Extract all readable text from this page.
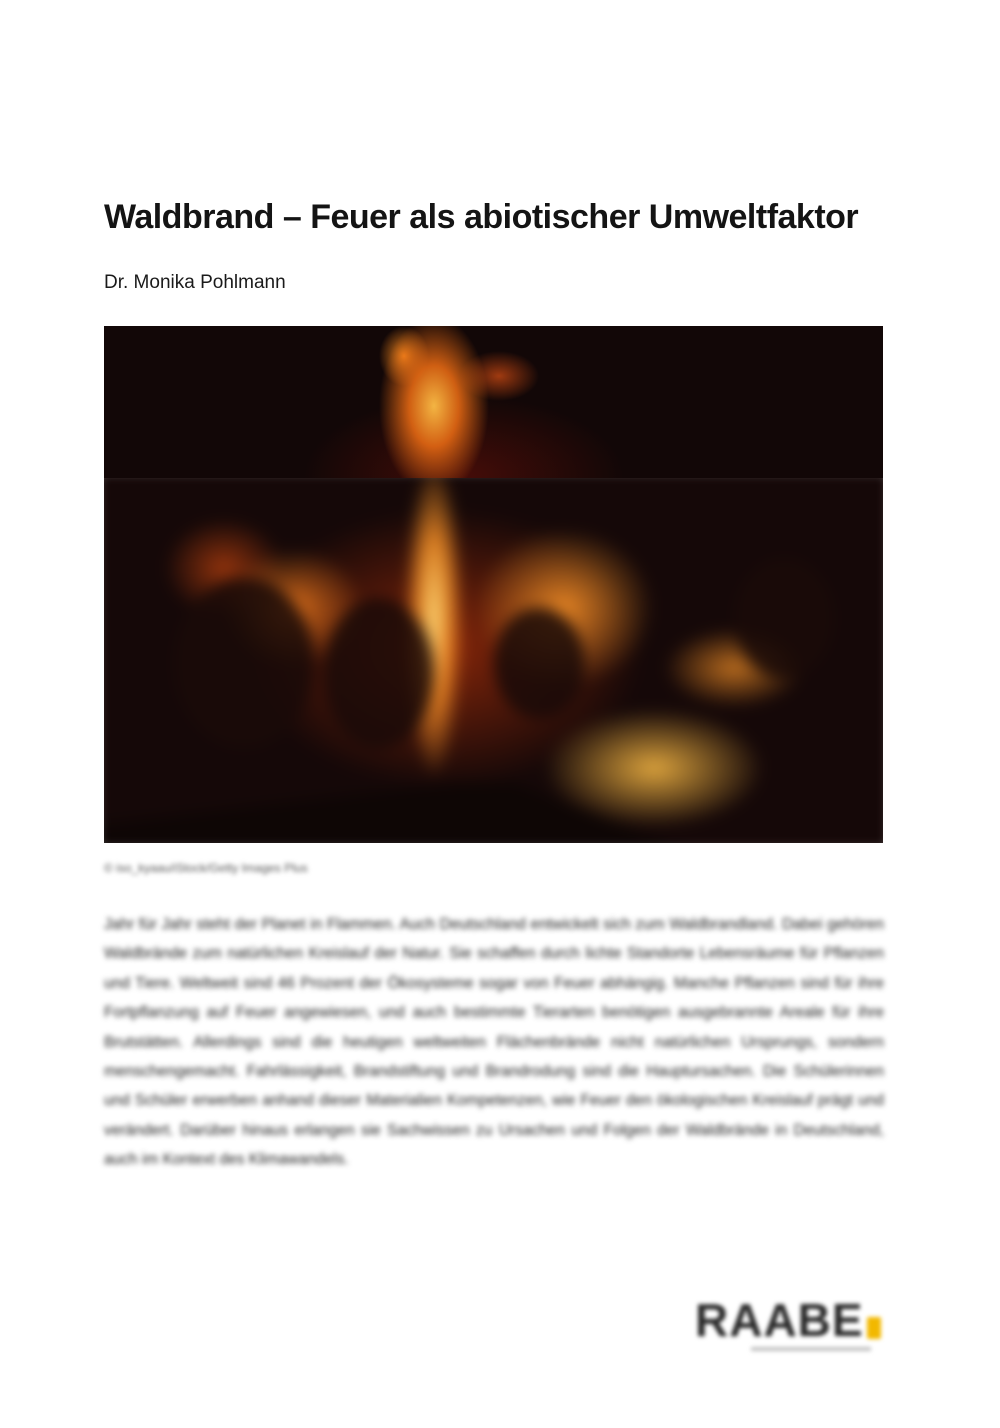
Waldbrand – Feuer als abiotischer Umweltfaktor

Dr. Monika Pohlmann

© iso_kyaau/iStock/Getty Images Plus

Jahr für Jahr steht der Planet in Flammen. Auch Deutschland entwickelt sich zum Waldbrandland. Dabei gehören Waldbrände zum natürlichen Kreislauf der Natur. Sie schaffen durch lichte Standorte Lebensräume für Pflanzen und Tiere. Weltweit sind 46 Prozent der Ökosysteme sogar von Feuer abhängig. Manche Pflanzen sind für ihre Fortpflanzung auf Feuer angewiesen, und auch bestimmte Tierarten benötigen ausgebrannte Areale für ihre Brutstätten. Allerdings sind die heutigen weltweiten Flächenbrände nicht natürlichen Ursprungs, sondern menschengemacht. Fahrlässigkeit, Brandstiftung und Brandrodung sind die Hauptursachen. Die Schülerinnen und Schüler erwerben anhand dieser Materialien Kompetenzen, wie Feuer den ökologischen Kreislauf prägt und verändert. Darüber hinaus erlangen sie Sachwissen zu Ursachen und Folgen der Waldbrände in Deutschland, auch im Kontext des Klimawandels.

RAABE
